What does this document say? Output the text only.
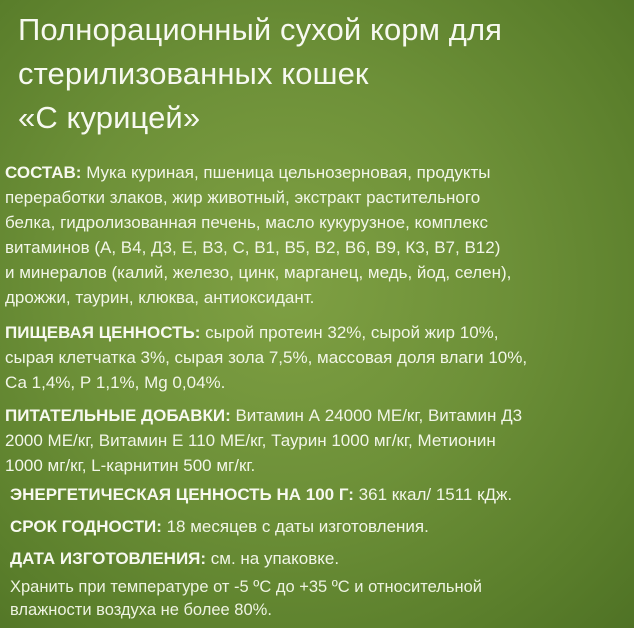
Полнорационный сухой корм для
стерилизованных кошек
«С курицей»
СОСТАВ: Мука куриная, пшеница цельнозерновая, продукты
переработки злаков, жир животный, экстракт растительного
белка, гидролизованная печень, масло кукурузное, комплекс
витаминов (А, В4, Д3, Е, В3, С, В1, В5, В2, В6, В9, К3, В7, В12)
и минералов (калий, железо, цинк, марганец, медь, йод, селен),
дрожжи, таурин, клюква, антиоксидант.
ПИЩЕВАЯ ЦЕННОСТЬ: сырой протеин 32%, сырой жир 10%,
сырая клетчатка 3%, сырая зола 7,5%, массовая доля влаги 10%,
Са 1,4%, Р 1,1%, Mg 0,04%.
ПИТАТЕЛЬНЫЕ ДОБАВКИ: Витамин А 24000 МЕ/кг, Витамин Д3
2000 МЕ/кг, Витамин Е 110 МЕ/кг, Таурин 1000 мг/кг, Метионин
1000 мг/кг, L-карнитин 500 мг/кг.
ЭНЕРГЕТИЧЕСКАЯ ЦЕННОСТЬ НА 100 Г: 361 ккал/ 1511 кДж.
СРОК ГОДНОСТИ: 18 месяцев с даты изготовления.
ДАТА ИЗГОТОВЛЕНИЯ: см. на упаковке.
Хранить при температуре от -5 ºС до +35 ºС и относительной
влажности воздуха не более 80%.
